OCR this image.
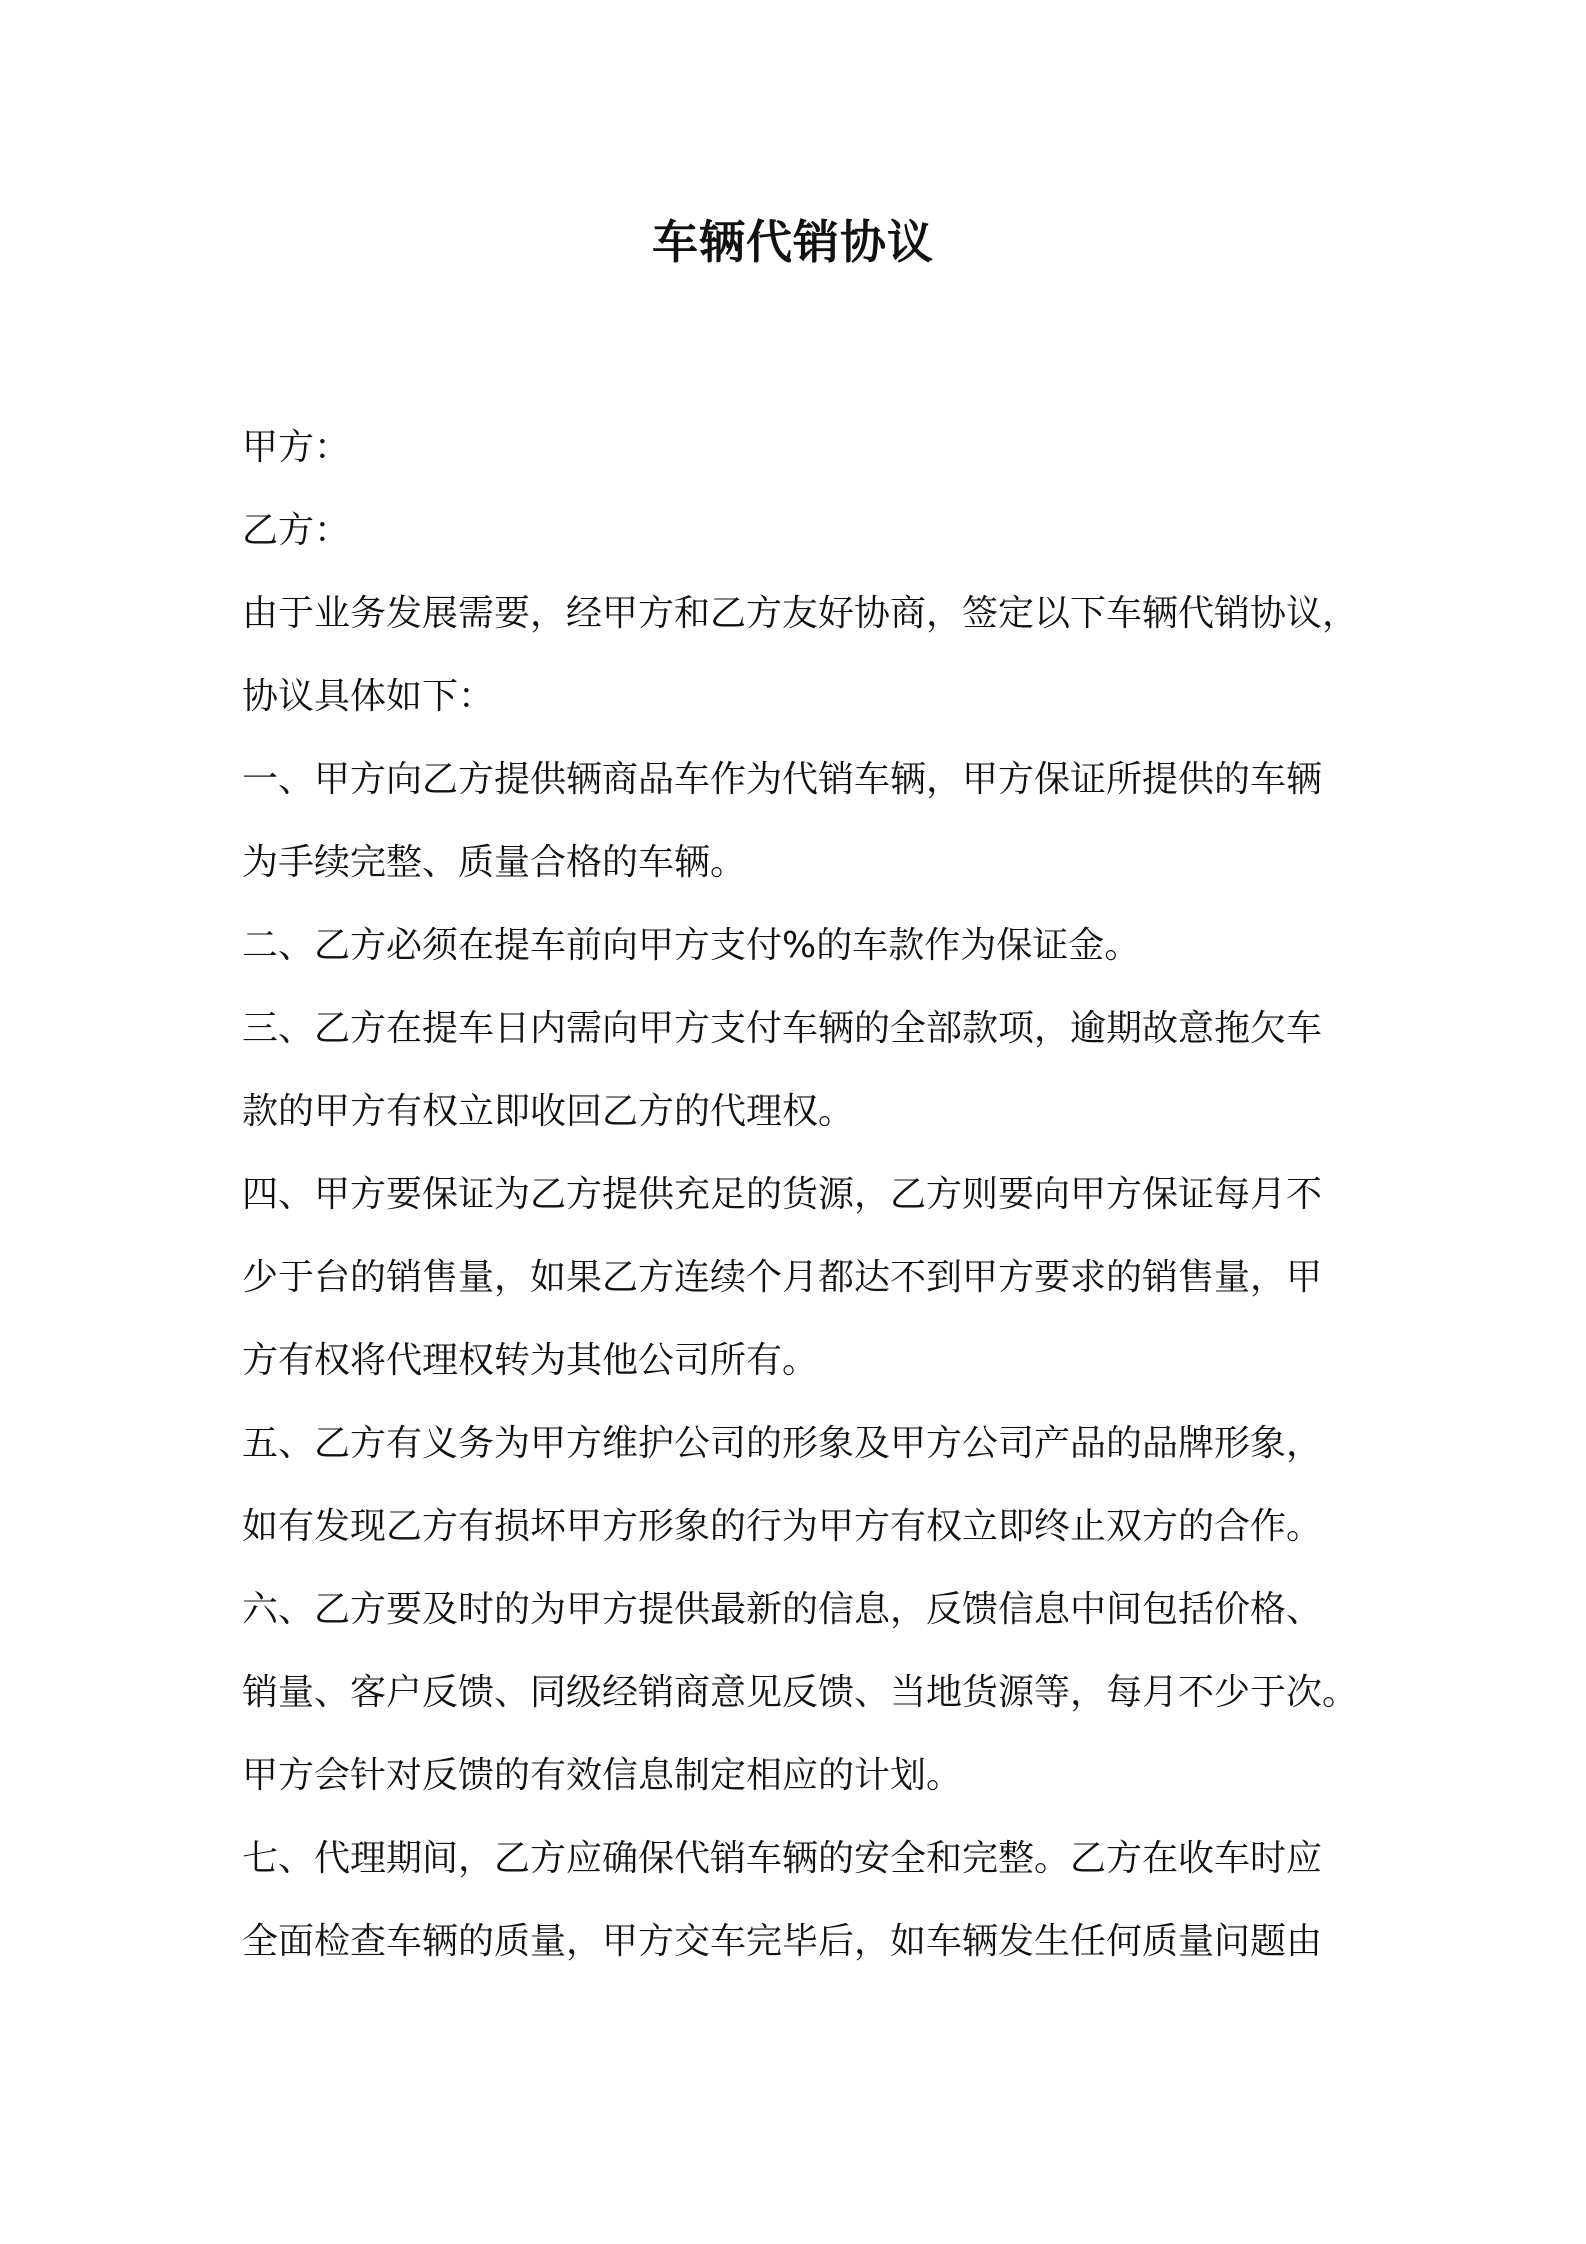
车辆代销协议
甲方：
乙方：
由于业务发展需要，经甲方和乙方友好协商，签定以下车辆代销协议，
协议具体如下：
一、甲方向乙方提供辆商品车作为代销车辆，甲方保证所提供的车辆
为手续完整、质量合格的车辆。
二、乙方必须在提车前向甲方支付%的车款作为保证金。
三、乙方在提车日内需向甲方支付车辆的全部款项，逾期故意拖欠车
款的甲方有权立即收回乙方的代理权。
四、甲方要保证为乙方提供充足的货源，乙方则要向甲方保证每月不
少于台的销售量，如果乙方连续个月都达不到甲方要求的销售量，甲
方有权将代理权转为其他公司所有。
五、乙方有义务为甲方维护公司的形象及甲方公司产品的品牌形象，
如有发现乙方有损坏甲方形象的行为甲方有权立即终止双方的合作。
六、乙方要及时的为甲方提供最新的信息，反馈信息中间包括价格、
销量、客户反馈、同级经销商意见反馈、当地货源等，每月不少于次。
甲方会针对反馈的有效信息制定相应的计划。
七、代理期间，乙方应确保代销车辆的安全和完整。乙方在收车时应
全面检查车辆的质量，甲方交车完毕后，如车辆发生任何质量问题由
